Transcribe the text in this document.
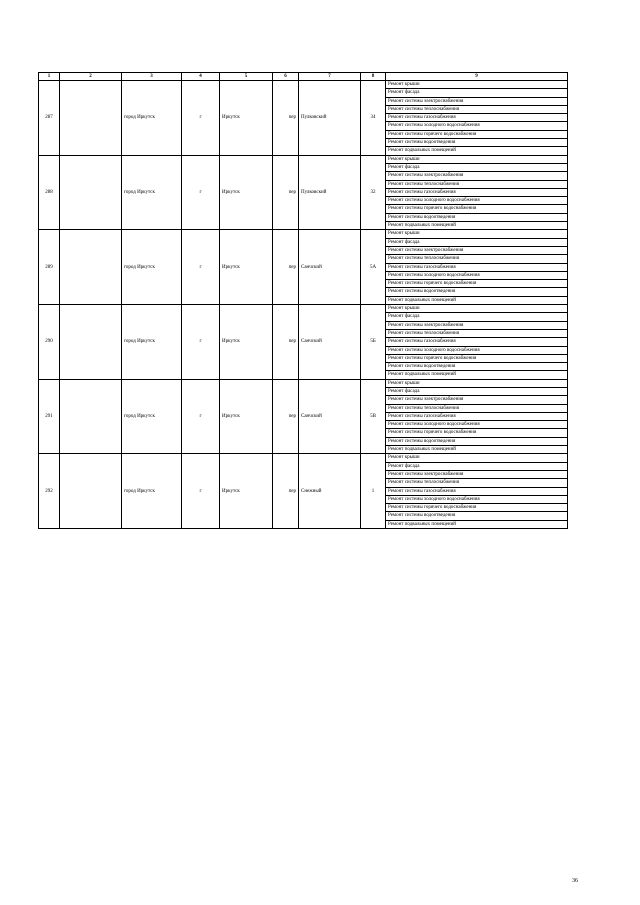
1	2	3	4	5	6	7	8	9
287		город Иркутск	г	Иркутск	пер	Пулковский	34	Ремонт крыши
								Ремонт фасада
								Ремонт системы электроснабжения
								Ремонт системы теплоснабжения
								Ремонт системы газоснабжения
								Ремонт системы холодного водоснабжения
								Ремонт системы горячего водоснабжения
								Ремонт системы водоотведения
								Ремонт подвальных помещений
288		город Иркутск	г	Иркутск	пер	Пулковский	32	Ремонт крыши
								Ремонт фасада
								Ремонт системы электроснабжения
								Ремонт системы теплоснабжения
								Ремонт системы газоснабжения
								Ремонт системы холодного водоснабжения
								Ремонт системы горячего водоснабжения
								Ремонт системы водоотведения
								Ремонт подвальных помещений
289		город Иркутск	г	Иркутск	пер	Санчский	5А	Ремонт крыши
								Ремонт фасада
								Ремонт системы электроснабжения
								Ремонт системы теплоснабжения
								Ремонт системы газоснабжения
								Ремонт системы холодного водоснабжения
								Ремонт системы горячего водоснабжения
								Ремонт системы водоотведения
								Ремонт подвальных помещений
290		город Иркутск	г	Иркутск	пер	Санчский	5Б	Ремонт крыши
								Ремонт фасада
								Ремонт системы электроснабжения
								Ремонт системы теплоснабжения
								Ремонт системы газоснабжения
								Ремонт системы холодного водоснабжения
								Ремонт системы горячего водоснабжения
								Ремонт системы водоотведения
								Ремонт подвальных помещений
291		город Иркутск	г	Иркутск	пер	Санчский	5В	Ремонт крыши
								Ремонт фасада
								Ремонт системы электроснабжения
								Ремонт системы теплоснабжения
								Ремонт системы газоснабжения
								Ремонт системы холодного водоснабжения
								Ремонт системы горячего водоснабжения
								Ремонт системы водоотведения
								Ремонт подвальных помещений
292		город Иркутск	г	Иркутск	пер	Снежный	1	Ремонт крыши
								Ремонт фасада
								Ремонт системы электроснабжения
								Ремонт системы теплоснабжения
								Ремонт системы газоснабжения
								Ремонт системы холодного водоснабжения
								Ремонт системы горячего водоснабжения
								Ремонт системы водоотведения
								Ремонт подвальных помещений
36
